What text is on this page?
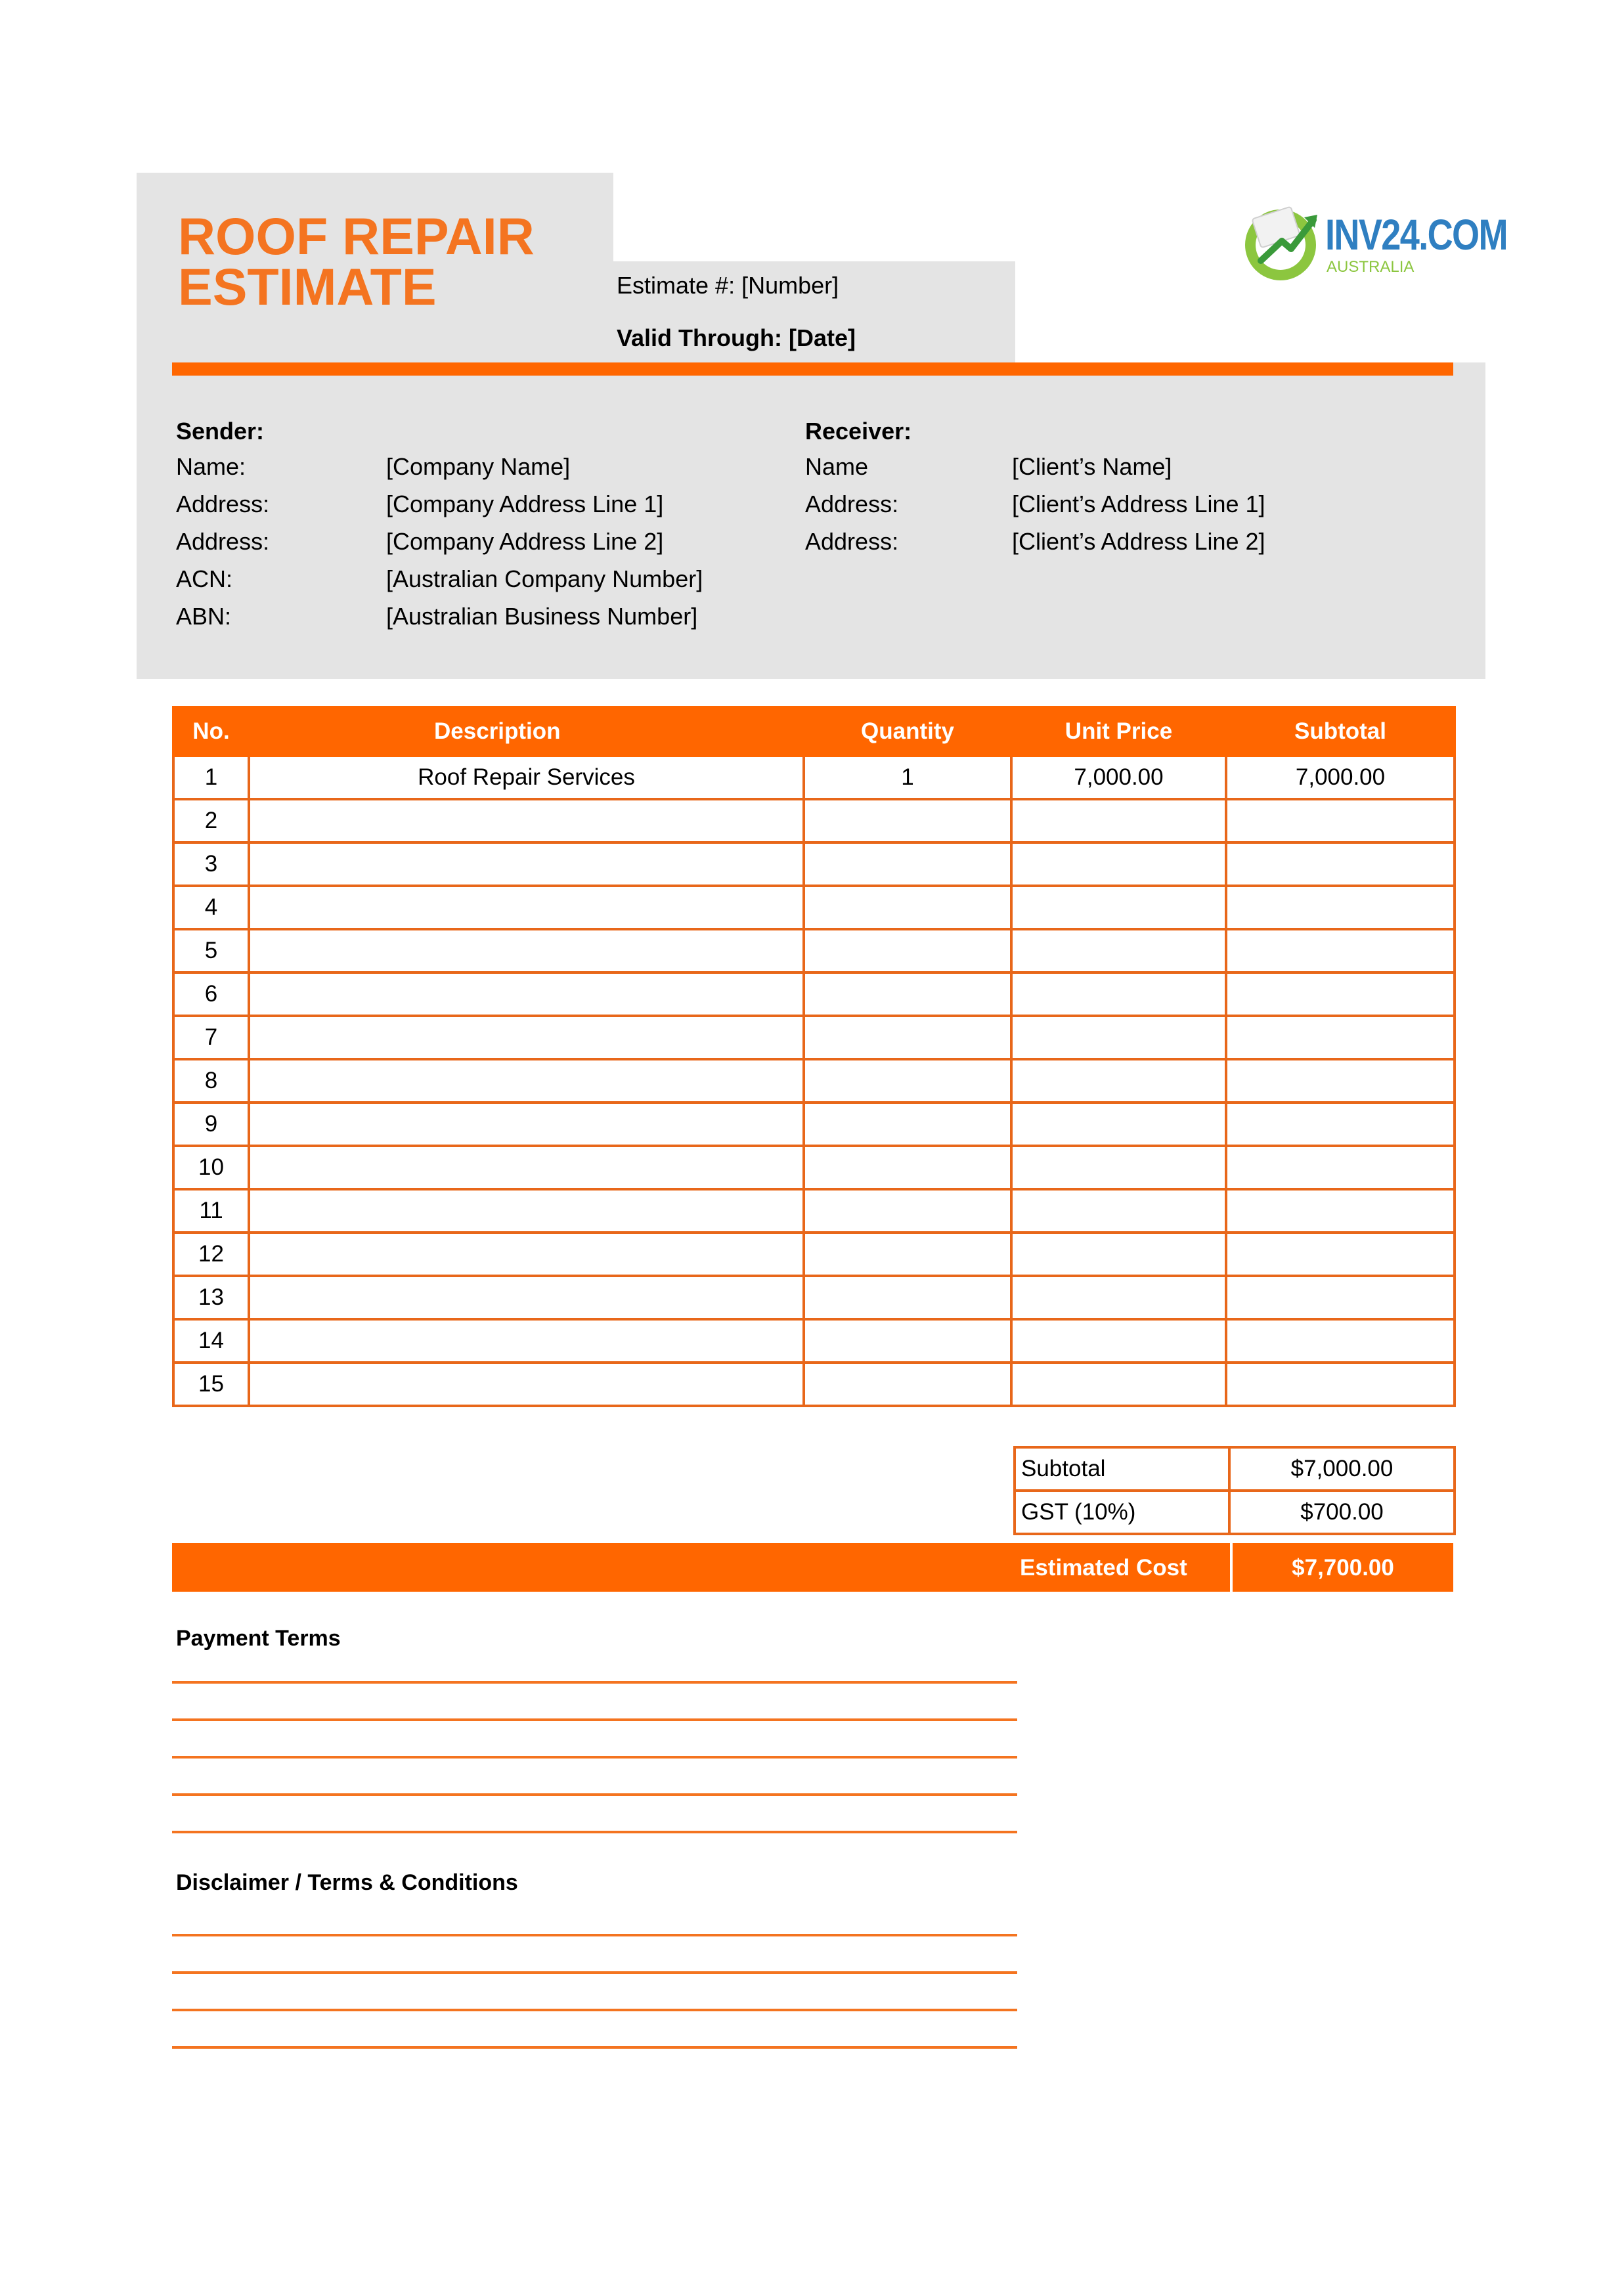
ROOF REPAIR
ESTIMATE	Estimate #: [Number]
Valid Through: [Date]
INV24.COM
AUSTRALIA
Sender:
Name:	[Company Name]
Address:	[Company Address Line 1]
Address:	[Company Address Line 2]
ACN:	[Australian Company Number]
ABN:	[Australian Business Number]
Receiver:
Name	[Client’s Name]
Address:	[Client’s Address Line 1]
Address:	[Client’s Address Line 2]
No.	Description	Quantity	Unit Price	Subtotal
1	Roof Repair Services	1	7,000.00	7,000.00
2				
3				
4				
5				
6				
7				
8				
9				
10				
11				
12				
13				
14				
15				
Subtotal	$7,000.00
GST (10%)	$700.00
Estimated Cost	$7,700.00
Payment Terms
Disclaimer / Terms & Conditions
